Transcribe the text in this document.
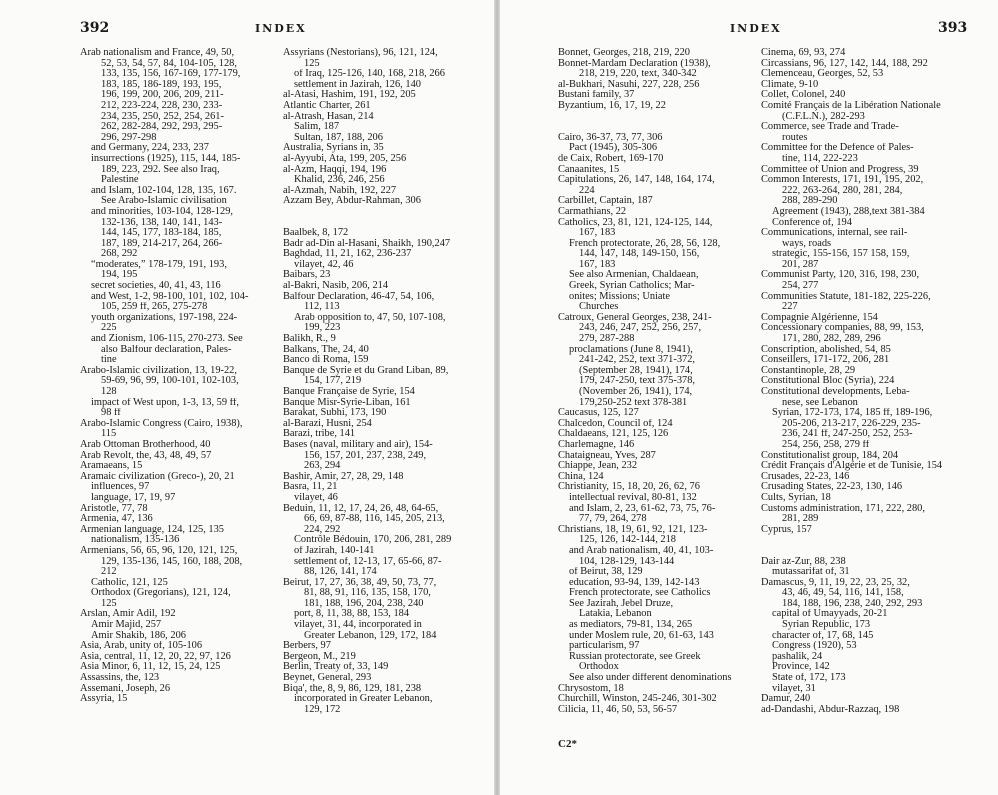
392	INDEX
Arab nationalism and France, 49, 50,
52, 53, 54, 57, 84, 104-105, 128,
133, 135, 156, 167-169, 177-179,
183, 185, 186-189, 193, 195,
196, 199, 200, 206, 209, 211-
212, 223-224, 228, 230, 233-
234, 235, 250, 252, 254, 261-
262, 282-284, 292, 293, 295-
296, 297-298
and Germany, 224, 233, 237
insurrections (1925), 115, 144, 185-
189, 223, 292. See also Iraq,
Palestine
and Islam, 102-104, 128, 135, 167.
See Arabo-Islamic civilisation
and minorities, 103-104, 128-129,
132-136, 138, 140, 141, 143-
144, 145, 177, 183-184, 185,
187, 189, 214-217, 264, 266-
268, 292
“moderates,” 178-179, 191, 193,
194, 195
secret societies, 40, 41, 43, 116
and West, 1-2, 98-100, 101, 102, 104-
105, 259 ff, 265, 275-278
youth organizations, 197-198, 224-
225
and Zionism, 106-115, 270-273. See
also Balfour declaration, Pales-
tine
Arabo-Islamic civilization, 13, 19-22,
59-69, 96, 99, 100-101, 102-103,
128
impact of West upon, 1-3, 13, 59 ff,
98 ff
Arabo-Islamic Congress (Cairo, 1938),
115
Arab Ottoman Brotherhood, 40
Arab Revolt, the, 43, 48, 49, 57
Aramaeans, 15
Aramaic civilization (Greco-), 20, 21
influences, 97
language, 17, 19, 97
Aristotle, 77, 78
Armenia, 47, 136
Armenian language, 124, 125, 135
nationalism, 135-136
Armenians, 56, 65, 96, 120, 121, 125,
129, 135-136, 145, 160, 188, 208,
212
Catholic, 121, 125
Orthodox (Gregorians), 121, 124,
125
Arslan, Amir Adil, 192
Amir Majid, 257
Amir Shakib, 186, 206
Asia, Arab, unity of, 105-106
Asia, central, 11, 12, 20, 22, 97, 126
Asia Minor, 6, 11, 12, 15, 24, 125
Assassins, the, 123
Assemani, Joseph, 26
Assyria, 15
Assyrians (Nestorians), 96, 121, 124,
125
of Iraq, 125-126, 140, 168, 218, 266
settlement in Jazirah, 126, 140
al-Atasi, Hashim, 191, 192, 205
Atlantic Charter, 261
al-Atrash, Hasan, 214
Salim, 187
Sultan, 187, 188, 206
Australia, Syrians in, 35
al-Ayyubi, Ata, 199, 205, 256
al-Azm, Haqqi, 194, 196
Khalid, 236, 246, 256
al-Azmah, Nabih, 192, 227
Azzam Bey, Abdur-Rahman, 306
Baalbek, 8, 172
Badr ad-Din al-Hasani, Shaikh, 190,247
Baghdad, 11, 21, 162, 236-237
vilayet, 42, 46
Baibars, 23
al-Bakri, Nasib, 206, 214
Balfour Declaration, 46-47, 54, 106,
112, 113
Arab opposition to, 47, 50, 107-108,
199, 223
Balikh, R., 9
Balkans, The, 24, 40
Banco di Roma, 159
Banque de Syrie et du Grand Liban, 89,
154, 177, 219
Banque Française de Syrie, 154
Banque Misr-Syrie-Liban, 161
Barakat, Subhi, 173, 190
al-Barazi, Husni, 254
Barazi, tribe, 141
Bases (naval, military and air), 154-
156, 157, 201, 237, 238, 249,
263, 294
Bashir, Amir, 27, 28, 29, 148
Basra, 11, 21
vilayet, 46
Beduin, 11, 12, 17, 24, 26, 48, 64-65,
66, 69, 87-88, 116, 145, 205, 213,
224, 292
Contrôle Bédouin, 170, 206, 281, 289
of Jazirah, 140-141
settlement of, 12-13, 17, 65-66, 87-
88, 126, 141, 174
Beirut, 17, 27, 36, 38, 49, 50, 73, 77,
81, 88, 91, 116, 135, 158, 170,
181, 188, 196, 204, 238, 240
port, 8, 11, 38, 88, 153, 184
vilayet, 31, 44, incorporated in
Greater Lebanon, 129, 172, 184
Berbers, 97
Bergeon, M., 219
Berlin, Treaty of, 33, 149
Beynet, General, 293
Biqa', the, 8, 9, 86, 129, 181, 238
incorporated in Greater Lebanon,
129, 172
393
INDEX
Bonnet, Georges, 218, 219, 220
Bonnet-Mardam Declaration (1938),
218, 219, 220, text, 340-342
al-Bukhari, Nasuhi, 227, 228, 256
Bustani family, 37
Byzantium, 16, 17, 19, 22
Cairo, 36-37, 73, 77, 306
Pact (1945), 305-306
de Caix, Robert, 169-170
Canaanites, 15
Capitulations, 26, 147, 148, 164, 174,
224
Carbillet, Captain, 187
Carmathians, 22
Catholics, 23, 81, 121, 124-125, 144,
167, 183
French protectorate, 26, 28, 56, 128,
144, 147, 148, 149-150, 156,
167, 183
See also Armenian, Chaldaean,
Greek, Syrian Catholics; Mar-
onites; Missions; Uniate
Churches
Catroux, General Georges, 238, 241-
243, 246, 247, 252, 256, 257,
279, 287-288
proclamations (June 8, 1941),
241-242, 252, text 371-372,
(September 28, 1941), 174,
179, 247-250, text 375-378,
(November 26, 1941), 174,
179,250-252 text 378-381
Caucasus, 125, 127
Chalcedon, Council of, 124
Chaldaeans, 121, 125, 126
Charlemagne, 146
Chataigneau, Yves, 287
Chiappe, Jean, 232
China, 124
Christianity, 15, 18, 20, 26, 62, 76
intellectual revival, 80-81, 132
and Islam, 2, 23, 61-62, 73, 75, 76-
77, 79, 264, 278
Christians, 18, 19, 61, 92, 121, 123-
125, 126, 142-144, 218
and Arab nationalism, 40, 41, 103-
104, 128-129, 143-144
of Beirut, 38, 129
education, 93-94, 139, 142-143
French protectorate, see Catholics
See Jazirah, Jebel Druze,
Latakia, Lebanon
as mediators, 79-81, 134, 265
under Moslem rule, 20, 61-63, 143
particularism, 97
Russian protectorate, see Greek
Orthodox
See also under different denominations
Chrysostom, 18
Churchill, Winston, 245-246, 301-302
Cilicia, 11, 46, 50, 53, 56-57
Cinema, 69, 93, 274
Circassians, 96, 127, 142, 144, 188, 292
Clemenceau, Georges, 52, 53
Climate, 9-10
Collet, Colonel, 240
Comité Français de la Libération Nationale
(C.F.L.N.), 282-293
Commerce, see Trade and Trade-
routes
Committee for the Defence of Pales-
tine, 114, 222-223
Committee of Union and Progress, 39
Common Interests, 171, 191, 195, 202,
222, 263-264, 280, 281, 284,
288, 289-290
Agreement (1943), 288,text 381-384
Conference of, 194
Communications, internal, see rail-
ways, roads
strategic, 155-156, 157 158, 159,
201, 287
Communist Party, 120, 316, 198, 230,
254, 277
Communities Statute, 181-182, 225-226,
227
Compagnie Algérienne, 154
Concessionary companies, 88, 99, 153,
171, 280, 282, 289, 296
Conscription, abolished, 54, 85
Conseillers, 171-172, 206, 281
Constantinople, 28, 29
Constitutional Bloc (Syria), 224
Constitutional developments, Leba-
nese, see Lebanon
Syrian, 172-173, 174, 185 ff, 189-196,
205-206, 213-217, 226-229, 235-
236, 241 ff, 247-250, 252, 253-
254, 256, 258, 279 ff
Constitutionalist group, 184, 204
Crédit Français d'Algérie et de Tunisie, 154
Crusades, 22-23, 146
Crusading States, 22-23, 130, 146
Cults, Syrian, 18
Customs administration, 171, 222, 280,
281, 289
Cyprus, 157
Dair az-Zur, 88, 238
mutassarifat of, 31
Damascus, 9, 11, 19, 22, 23, 25, 32,
43, 46, 49, 54, 116, 141, 158,
184, 188, 196, 238, 240, 292, 293
capital of Umayyads, 20-21
Syrian Republic, 173
character of, 17, 68, 145
Congress (1920), 53
pashalik, 24
Province, 142
State of, 172, 173
vilayet, 31
Damur, 240
ad-Dandashi, Abdur-Razzaq, 198
C2*
